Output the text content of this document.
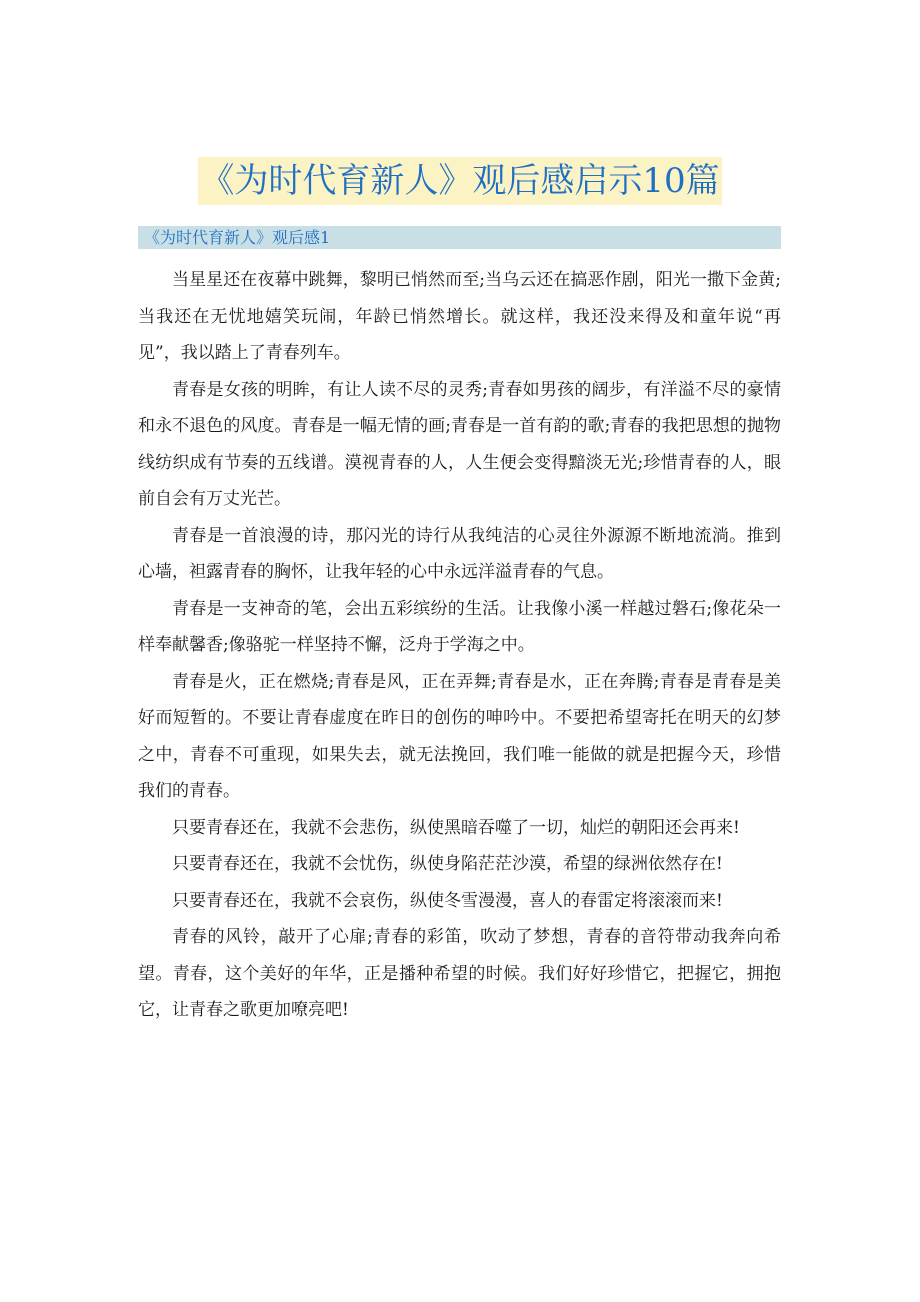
《为时代育新人》观后感启示10篇
《为时代育新人》观后感1

当星星还在夜幕中跳舞，黎明已悄然而至;当乌云还在搞恶作剧，阳光一撒下金黄;当我还在无忧地嬉笑玩闹，年龄已悄然增长。就这样，我还没来得及和童年说“再见”，我以踏上了青春列车。

青春是女孩的明眸，有让人读不尽的灵秀;青春如男孩的阔步，有洋溢不尽的豪情和永不退色的风度。青春是一幅无情的画;青春是一首有韵的歌;青春的我把思想的抛物线纺织成有节奏的五线谱。漠视青春的人，人生便会变得黯淡无光;珍惜青春的人，眼前自会有万丈光芒。

青春是一首浪漫的诗，那闪光的诗行从我纯洁的心灵往外源源不断地流淌。推到心墙，袒露青春的胸怀，让我年轻的心中永远洋溢青春的气息。

青春是一支神奇的笔，会出五彩缤纷的生活。让我像小溪一样越过磐石;像花朵一样奉献馨香;像骆驼一样坚持不懈，泛舟于学海之中。

青春是火，正在燃烧;青春是风，正在弄舞;青春是水，正在奔腾;青春是青春是美好而短暂的。不要让青春虚度在昨日的创伤的呻吟中。不要把希望寄托在明天的幻梦之中，青春不可重现，如果失去，就无法挽回，我们唯一能做的就是把握今天，珍惜我们的青春。

只要青春还在，我就不会悲伤，纵使黑暗吞噬了一切，灿烂的朝阳还会再来!

只要青春还在，我就不会忧伤，纵使身陷茫茫沙漠，希望的绿洲依然存在!

只要青春还在，我就不会哀伤，纵使冬雪漫漫，喜人的春雷定将滚滚而来!

青春的风铃，敲开了心扉;青春的彩笛，吹动了梦想，青春的音符带动我奔向希望。青春，这个美好的年华，正是播种希望的时候。我们好好珍惜它，把握它，拥抱它，让青春之歌更加嘹亮吧!
